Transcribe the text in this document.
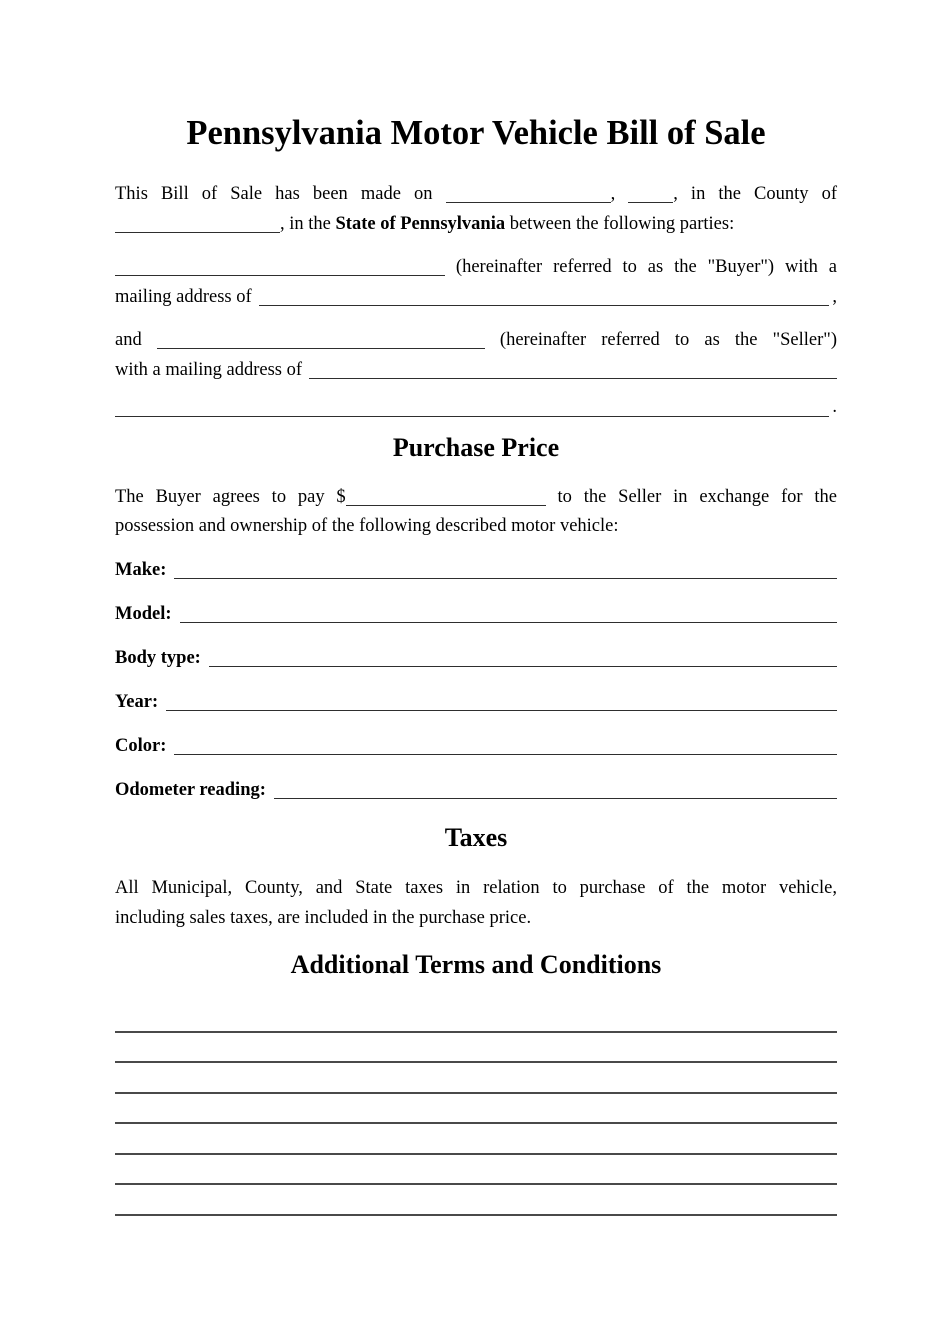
Pennsylvania Motor Vehicle Bill of Sale

This Bill of Sale has been made on	,	, in the County of
, in the State of Pennsylvania between the following parties:

(hereinafter referred to as the "Buyer") with a
mailing address of	,

and	(hereinafter referred to as the "Seller")
with a mailing address of
.

Purchase Price

The Buyer agrees to pay $	to the Seller in exchange for the
possession and ownership of the following described motor vehicle:

Make:
Model:
Body type:
Year:
Color:
Odometer reading:
Taxes

All Municipal, County, and State taxes in relation to purchase of the motor vehicle,
including sales taxes, are included in the purchase price.

Additional Terms and Conditions
